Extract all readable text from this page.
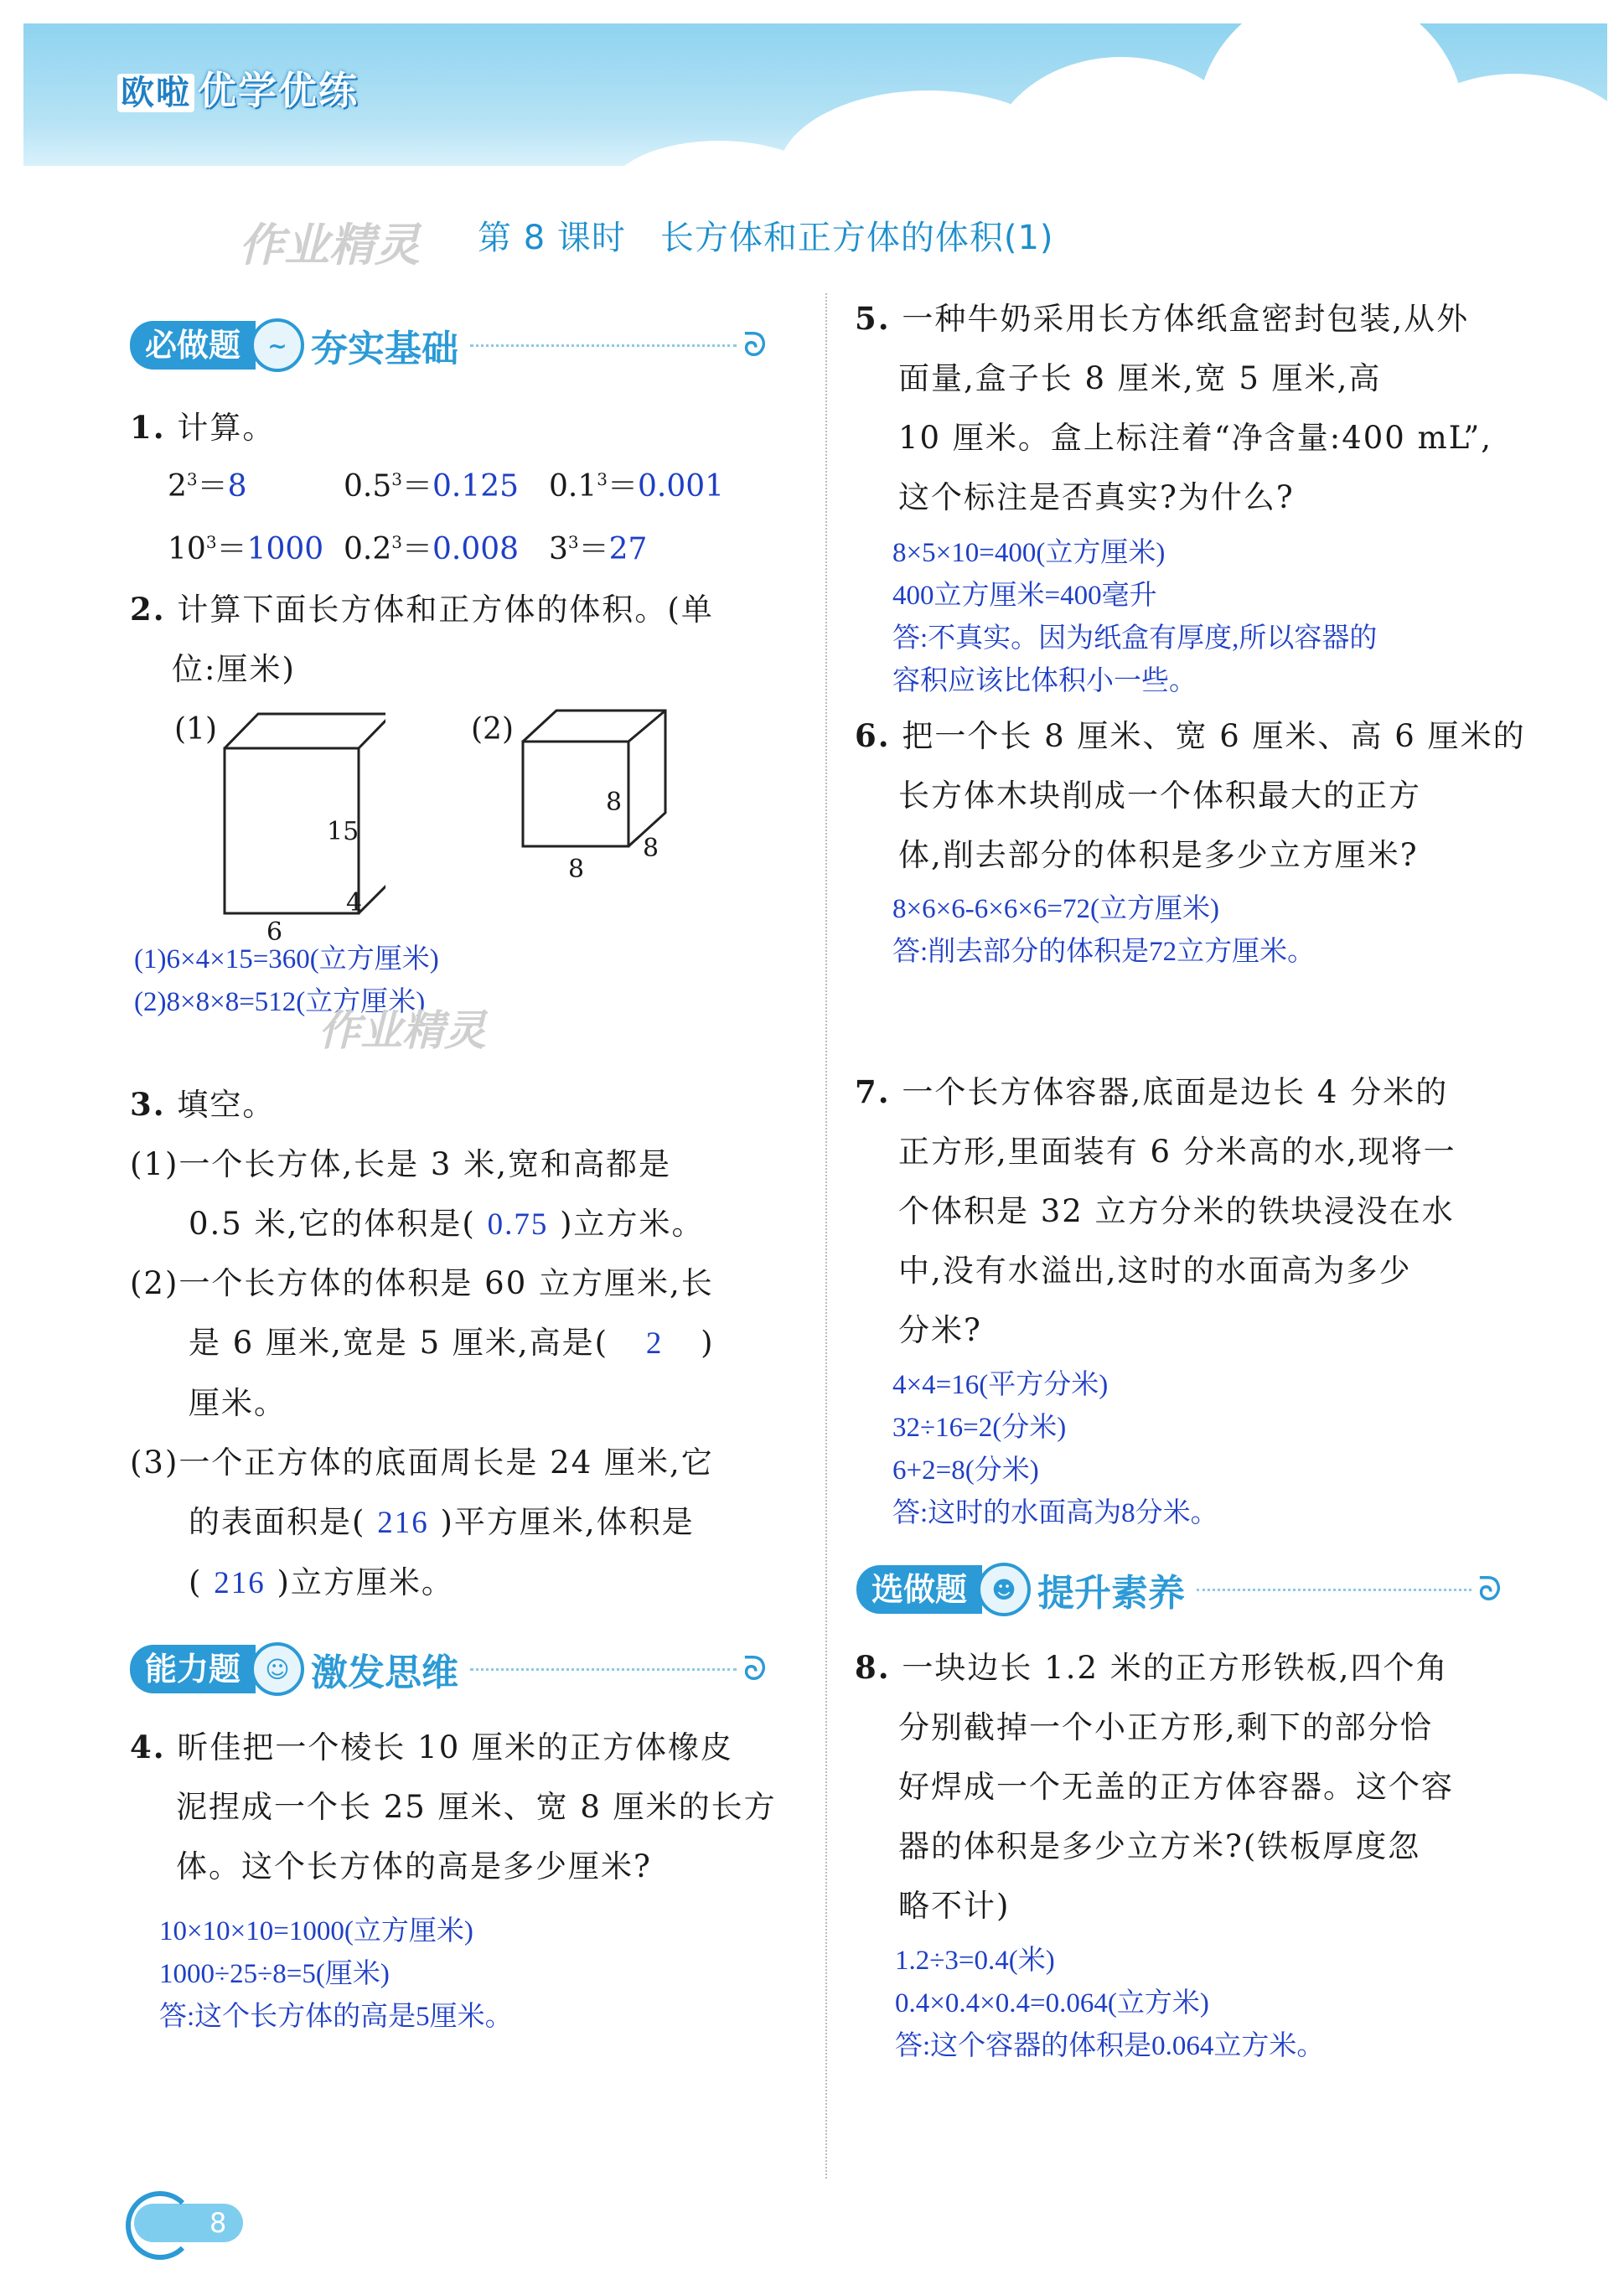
欧啦 优学优练
作业精灵 第 8 课时　长方体和正方体的体积(1)
必做题	~ 夯实基础	ᘐ
1. 计算。
$2^3=8$	$0.5^3=0.125$ $0.1^3=0.001$
$10^3=1000$ $0.2^3=0.008$ $3^3=27$
2. 计算下面长方体和正方体的体积。(单
位:厘米)
(1)
15
4
6
(2)
8
8
8
(1)6×4×15=360(立方厘米)
(2)8×8×8=512(立方厘米)
作业精灵
3. 填空。
(1)一个长方体,长是 3 米,宽和高都是
0.5 米,它的体积是( 0.75 )立方米。
(2)一个长方体的体积是 60 立方厘米,长
是 6 厘米,宽是 5 厘米,高是( 2 )
厘米。
(3)一个正方体的底面周长是 24 厘米,它
的表面积是( 216 )平方厘米,体积是
( 216 )立方厘米。
能力题	☺ 激发思维	ᘐ
4. 昕佳把一个棱长 10 厘米的正方体橡皮
泥捏成一个长 25 厘米、宽 8 厘米的长方
体。这个长方体的高是多少厘米?
10×10×10=1000(立方厘米)
1000÷25÷8=5(厘米)
答:这个长方体的高是5厘米。
5. 一种牛奶采用长方体纸盒密封包装,从外
面量,盒子长 8 厘米,宽 5 厘米,高
10 厘米。盒上标注着“净含量:400 mL”,
这个标注是否真实?为什么?
8×5×10=400(立方厘米)
400立方厘米=400毫升
答:不真实。因为纸盒有厚度,所以容器的
容积应该比体积小一些。
6. 把一个长 8 厘米、宽 6 厘米、高 6 厘米的
长方体木块削成一个体积最大的正方
体,削去部分的体积是多少立方厘米?
8×6×6-6×6×6=72(立方厘米)
答:削去部分的体积是72立方厘米。
7. 一个长方体容器,底面是边长 4 分米的
正方形,里面装有 6 分米高的水,现将一
个体积是 32 立方分米的铁块浸没在水
中,没有水溢出,这时的水面高为多少
分米?
4×4=16(平方分米)
32÷16=2(分米)
6+2=8(分米)
答:这时的水面高为8分米。
选做题	☻ 提升素养	ᘐ
8. 一块边长 1.2 米的正方形铁板,四个角
分别截掉一个小正方形,剩下的部分恰
好焊成一个无盖的正方体容器。这个容
器的体积是多少立方米?(铁板厚度忽
略不计)
1.2÷3=0.4(米)
0.4×0.4×0.4=0.064(立方米)
答:这个容器的体积是0.064立方米。
8
